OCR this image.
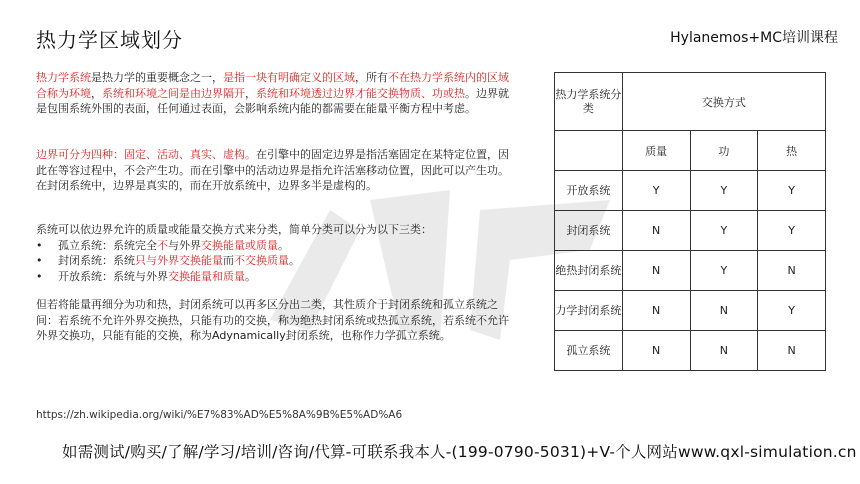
热力学区域划分	Hylanemos+MC培训课程
热力学系统是热力学的重要概念之一，是指一块有明确定义的区域，所有不在热力学系统内的区域合称为环境，系统和环境之间是由边界隔开，系统和环境透过边界才能交换物质、功或热。边界就是包围系统外围的表面，任何通过表面，会影响系统内能的都需要在能量平衡方程中考虑。
边界可分为四种：固定、活动、真实、虚构。在引擎中的固定边界是指活塞固定在某特定位置，因此在等容过程中，不会产生功。而在引擎中的活动边界是指允许活塞移动位置，因此可以产生功。在封闭系统中，边界是真实的，而在开放系统中，边界多半是虚构的。
系统可以依边界允许的质量或能量交换方式来分类，简单分类可以分为以下三类：
• 孤立系统：系统完全不与外界交换能量或质量。
• 封闭系统：系统只与外界交换能量而不交换质量。
• 开放系统：系统与外界交换能量和质量。
但若将能量再细分为功和热，封闭系统可以再多区分出二类，其性质介于封闭系统和孤立系统之间：若系统不允许外界交换热，只能有功的交换，称为绝热封闭系统或热孤立系统，若系统不允许外界交换功，只能有能的交换，称为Adynamically封闭系统，也称作力学孤立系统。
热力学系统分类	交换方式		
	质量	功	热
开放系统	Y	Y	Y
封闭系统	N	Y	Y
绝热封闭系统	N	Y	N
力学封闭系统	N	N	Y
孤立系统	N	N	N
https://zh.wikipedia.org/wiki/%E7%83%AD%E5%8A%9B%E5%AD%A6
如需测试/购买/了解/学习/培训/咨询/代算-可联系我本人-(199-0790-5031)+V-个人网站www.qxl-simulation.cn
